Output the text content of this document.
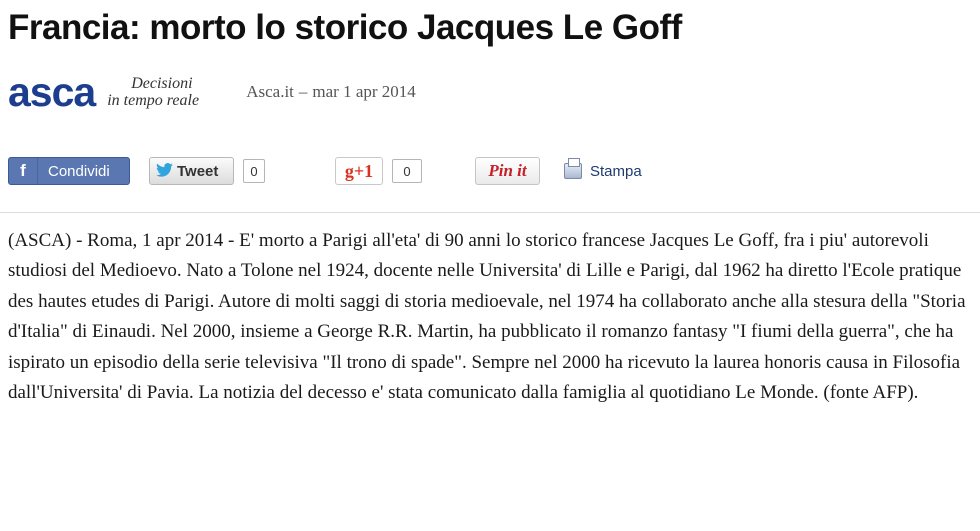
Francia: morto lo storico Jacques Le Goff
asca	Decisioni
in tempo reale	Asca.it – mar 1 apr 2014
f	Condividi	Tweet	0	g+1	0	Pin it	Stampa

(ASCA) - Roma, 1 apr 2014 - E' morto a Parigi all'eta' di 90 anni lo storico francese Jacques Le Goff, fra i piu' autorevoli studiosi del Medioevo. Nato a Tolone nel 1924, docente nelle Universita' di Lille e Parigi, dal 1962 ha diretto l'Ecole pratique des hautes etudes di Parigi. Autore di molti saggi di storia medioevale, nel 1974 ha collaborato anche alla stesura della "Storia d'Italia" di Einaudi. Nel 2000, insieme a George R.R. Martin, ha pubblicato il romanzo fantasy "I fiumi della guerra", che ha ispirato un episodio della serie televisiva "Il trono di spade". Sempre nel 2000 ha ricevuto la laurea honoris causa in Filosofia dall'Universita' di Pavia. La notizia del decesso e' stata comunicato dalla famiglia al quotidiano Le Monde. (fonte AFP).
